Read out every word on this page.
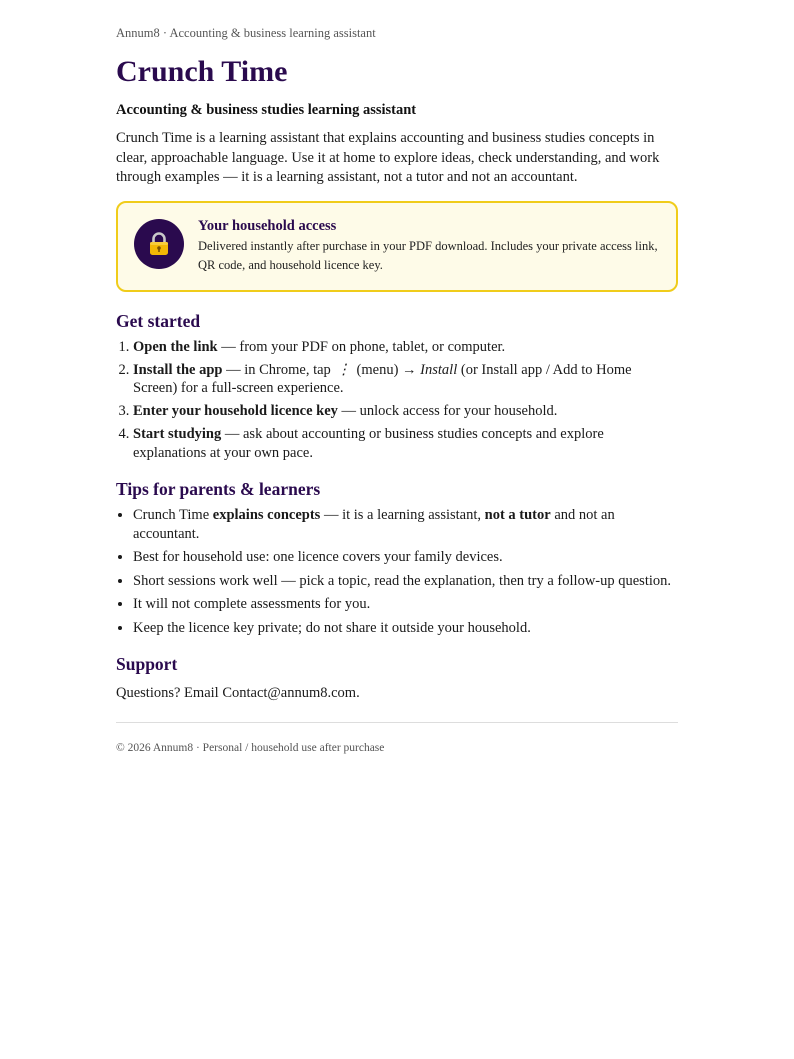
Annum8 · Accounting & business learning assistant
Crunch Time
Accounting & business studies learning assistant

Crunch Time is a learning assistant that explains accounting and business studies concepts in clear, approachable language. Use it at home to explore ideas, check understanding, and work through examples — it is a learning assistant, not a tutor and not an accountant.

Your household access
Delivered instantly after purchase in your PDF download. Includes your private access link, QR code, and household licence key.
Get started
1. Open the link — from your PDF on phone, tablet, or computer.
2. Install the app — in Chrome, tap ⋮ (menu) → Install (or Install app / Add to Home Screen) for a full-screen experience.
3. Enter your household licence key — unlock access for your household.
4. Start studying — ask about accounting or business studies concepts and explore explanations at your own pace.
Tips for parents & learners
• Crunch Time explains concepts — it is a learning assistant, not a tutor and not an accountant.
• Best for household use: one licence covers your family devices.
• Short sessions work well — pick a topic, read the explanation, then try a follow-up question.
• It will not complete assessments for you.
• Keep the licence key private; do not share it outside your household.
Support
Questions? Email Contact@annum8.com.
© 2026 Annum8 · Personal / household use after purchase
